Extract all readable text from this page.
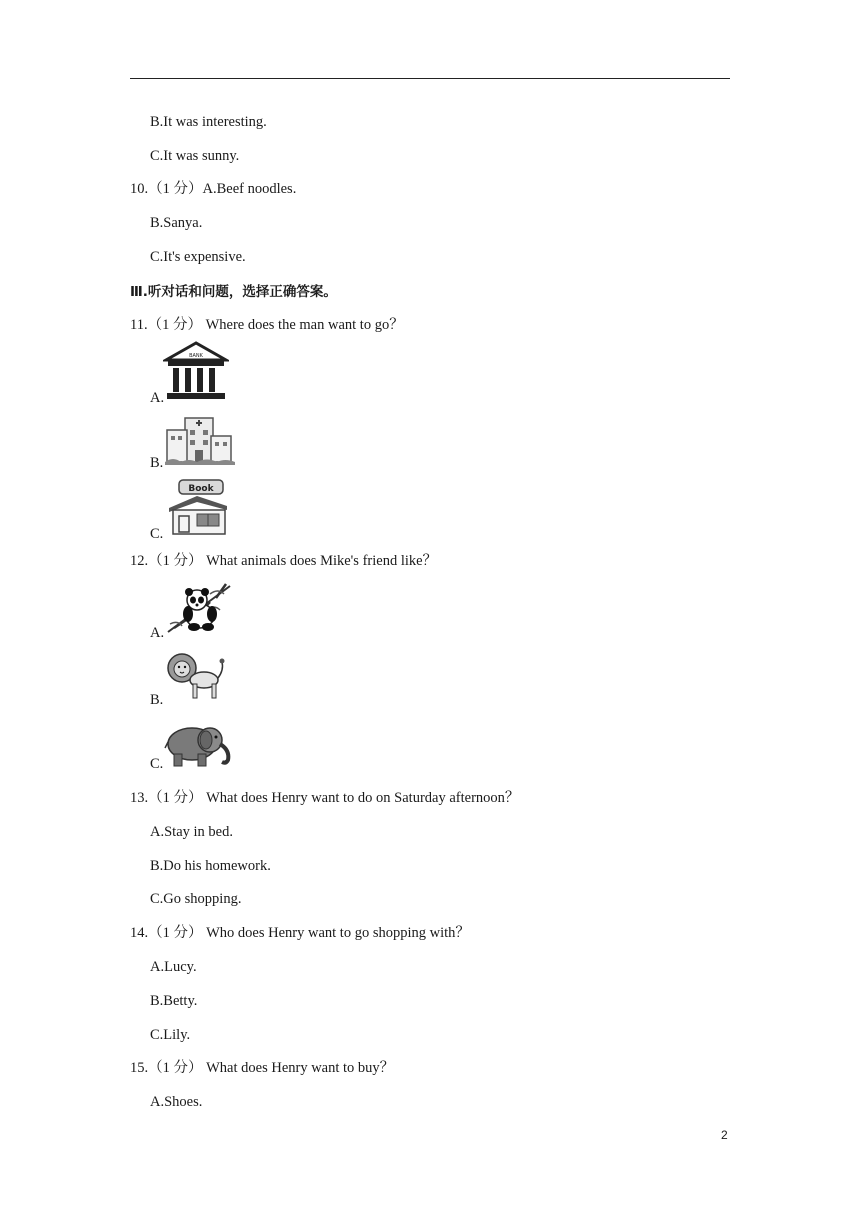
B.It was interesting.
C.It was sunny.
10.（1 分）A.Beef noodles.
B.Sanya.
C.It's expensive.
Ⅲ.听对话和问题，选择正确答案。
11.（1 分） Where does the man want to go？
A.
BANK
B.
C.
Book
12.（1 分） What animals does Mike's friend like？
A.
B.
C.
13.（1 分） What does Henry want to do on Saturday afternoon？
A.Stay in bed.
B.Do his homework.
C.Go shopping.
14.（1 分） Who does Henry want to go shopping with？
A.Lucy.
B.Betty.
C.Lily.
15.（1 分） What does Henry want to buy？
A.Shoes.
2
